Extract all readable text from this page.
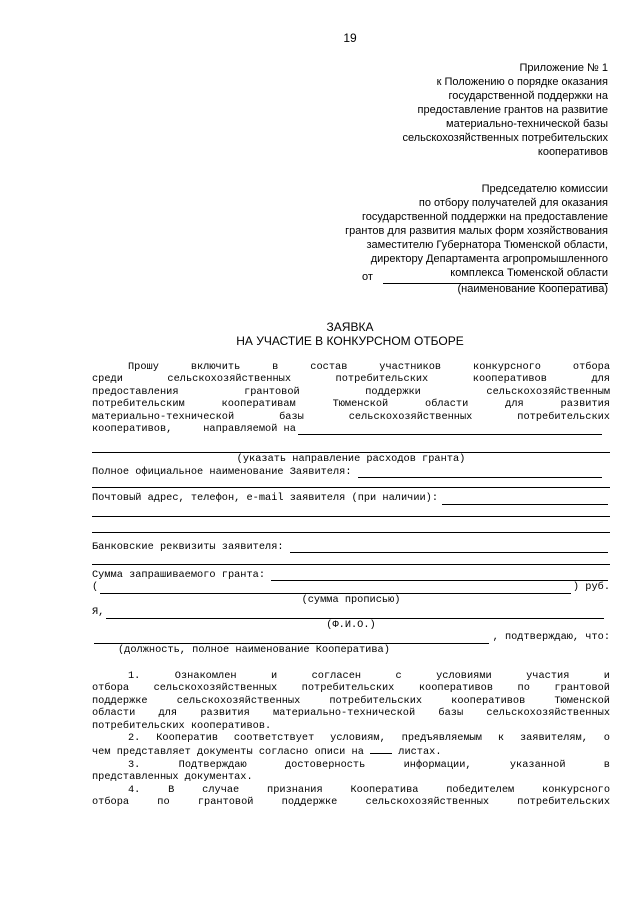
19
Приложение № 1
к Положению о порядке оказания
государственной поддержки на
предоставление грантов на развитие
материально-технической базы
сельскохозяйственных потребительских
кооперативов
Председателю комиссии
по отбору получателей для оказания
государственной поддержки на предоставление
грантов для развития малых форм хозяйствования
заместителю Губернатора Тюменской области,
директору Департамента агропромышленного
комплекса Тюменской области
от
(наименование Кооператива)
ЗАЯВКА
НА УЧАСТИЕ В КОНКУРСНОМ ОТБОРЕ
Прошу включить в состав участников конкурсного отбора
среди сельскохозяйственных потребительских кооперативов для
предоставления грантовой поддержки сельскохозяйственным
потребительским кооперативам Тюменской области для развития
материально-технической базы сельскохозяйственных потребительских
кооперативов,     направляемой на
(указать направление расходов гранта)
Полное официальное наименование Заявителя:
Почтовый адрес, телефон, e-mail заявителя (при наличии):
Банковские реквизиты заявителя:
Сумма запрашиваемого гранта:
(	) руб.
(сумма прописью)
Я,
(Ф.И.О.)
, подтверждаю, что:
(должность, полное наименование Кооператива)
1. Ознакомлен и согласен с условиями участия и
отбора сельскохозяйственных потребительских кооперативов по грантовой
поддержке сельскохозяйственных потребительских кооперативов Тюменской
области для развития материально-технической базы сельскохозяйственных
потребительских кооперативов.
2. Кооператив соответствует условиям, предъявляемым к заявителям, о
чем представляет документы согласно описи на	листах.
3. Подтверждаю достоверность информации, указанной в
представленных документах.
4. В случае признания Кооператива победителем конкурсного
отбора по грантовой поддержке сельскохозяйственных потребительских
